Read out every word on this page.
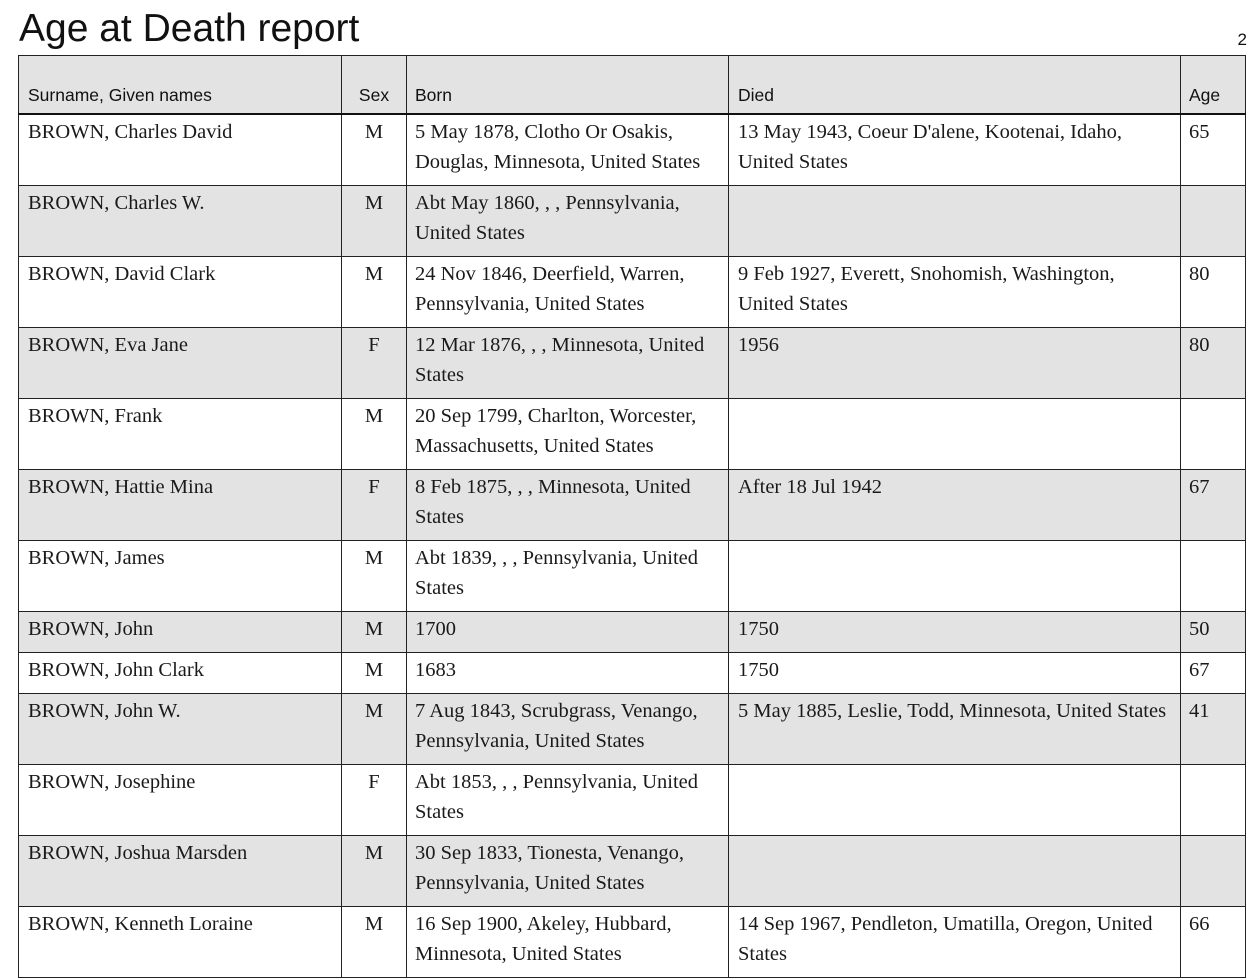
Age at Death report	2
Surname, Given names	Sex	Born	Died	Age

BROWN, Charles David	M	5 May 1878, Clotho Or Osakis, Douglas, Minnesota, United States	13 May 1943, Coeur D'alene, Kootenai, Idaho, United States	65

BROWN, Charles W.	M	Abt May 1860, , , Pennsylvania, United States		

BROWN, David Clark	M	24 Nov 1846, Deerfield, Warren, Pennsylvania, United States	9 Feb 1927, Everett, Snohomish, Washington, United States	80

BROWN, Eva Jane	F	12 Mar 1876, , , Minnesota, United States	1956	80

BROWN, Frank	M	20 Sep 1799, Charlton, Worcester, Massachusetts, United States		

BROWN, Hattie Mina	F	8 Feb 1875, , , Minnesota, United States	After 18 Jul 1942	67

BROWN, James	M	Abt 1839, , , Pennsylvania, United States		

BROWN, John	M	1700	1750	50

BROWN, John Clark	M	1683	1750	67

BROWN, John W.	M	7 Aug 1843, Scrubgrass, Venango, Pennsylvania, United States	5 May 1885, Leslie, Todd, Minnesota, United States	41

BROWN, Josephine	F	Abt 1853, , , Pennsylvania, United States		

BROWN, Joshua Marsden	M	30 Sep 1833, Tionesta, Venango, Pennsylvania, United States		

BROWN, Kenneth Loraine	M	16 Sep 1900, Akeley, Hubbard, Minnesota, United States	14 Sep 1967, Pendleton, Umatilla, Oregon, United States	66
